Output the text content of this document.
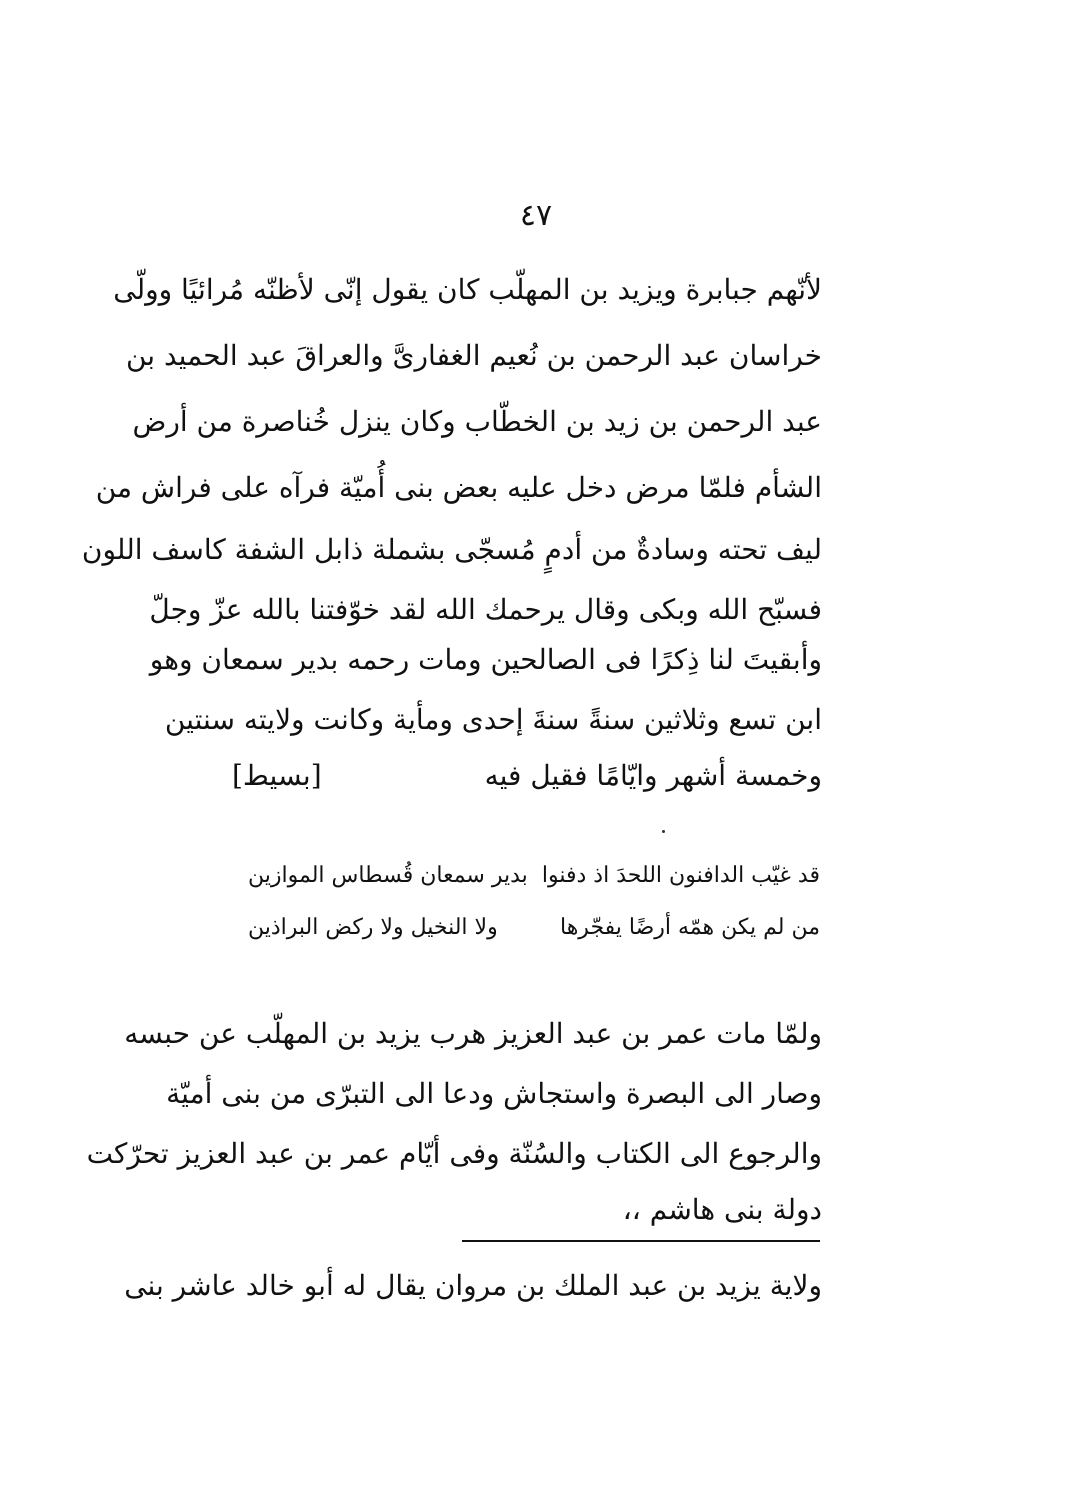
٤٧
لأنّهم جبابرة ويزيد بن المهلّب كان يقول إنّى لأظنّه مُرائيًا وولّى
خراسان عبد الرحمن بن نُعيم الغفارىَّ والعراقَ عبد الحميد بن
عبد الرحمن بن زيد بن الخطّاب وكان ينزل خُناصرة من أرض
الشأم فلمّا مرض دخل عليه بعض بنى أُميّة فرآه على فراش من
ليف تحته وسادةٌ من أدمٍ مُسجّى بشملة ذابل الشفة كاسف اللون
فسبّح الله وبكى وقال يرحمك الله لقد خوّفتنا بالله عزّ وجلّ
وأبقيتَ لنا ذِكرًا فى الصالحين ومات رحمه بدير سمعان وهو
ابن تسع وثلاثين سنةً سنةَ إحدى ومأية وكانت ولايته سنتين
وخمسة أشهر وايّامًا فقيل فيه
[بسيط]
قد غيّب الدافنون اللحدَ اذ دفنوا
بدير سمعان قُسطاس الموازين
من لم يكن همّه أرضًا يفجّرها
ولا النخيل ولا ركض البراذين
ولمّا مات عمر بن عبد العزيز هرب يزيد بن المهلّب عن حبسه
وصار الى البصرة واستجاش ودعا الى التبرّى من بنى أميّة
والرجوع الى الكتاب والسُنّة وفى أيّام عمر بن عبد العزيز تحرّكت
دولة بنى هاشم ،،
ولاية يزيد بن عبد الملك بن مروان يقال له أبو خالد عاشر بنى
